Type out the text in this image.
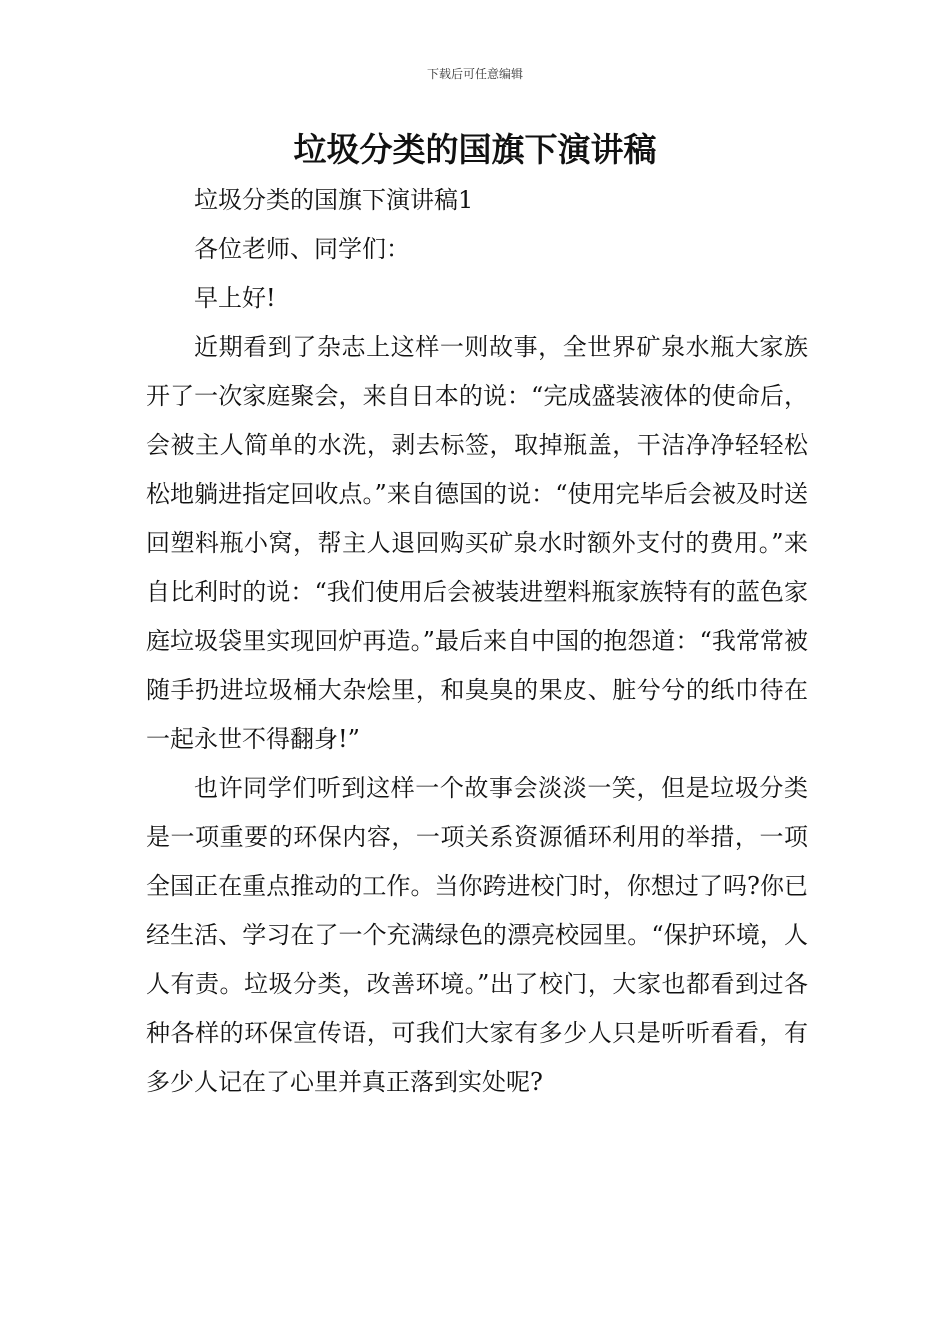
下载后可任意编辑
垃圾分类的国旗下演讲稿

垃圾分类的国旗下演讲稿1

各位老师、同学们：

早上好!

近期看到了杂志上这样一则故事，全世界矿泉水瓶大家族开了一次家庭聚会，来自日本的说：“完成盛装液体的使命后，会被主人简单的水洗，剥去标签，取掉瓶盖，干洁净净轻轻松松地躺进指定回收点。”来自德国的说：“使用完毕后会被及时送回塑料瓶小窝，帮主人退回购买矿泉水时额外支付的费用。”来自比利时的说：“我们使用后会被装进塑料瓶家族特有的蓝色家庭垃圾袋里实现回炉再造。”最后来自中国的抱怨道：“我常常被随手扔进垃圾桶大杂烩里，和臭臭的果皮、脏兮兮的纸巾待在一起永世不得翻身!”

也许同学们听到这样一个故事会淡淡一笑，但是垃圾分类是一项重要的环保内容，一项关系资源循环利用的举措，一项全国正在重点推动的工作。当你跨进校门时，你想过了吗?你已经生活、学习在了一个充满绿色的漂亮校园里。“保护环境，人人有责。垃圾分类，改善环境。”出了校门，大家也都看到过各种各样的环保宣传语，可我们大家有多少人只是听听看看，有多少人记在了心里并真正落到实处呢?
